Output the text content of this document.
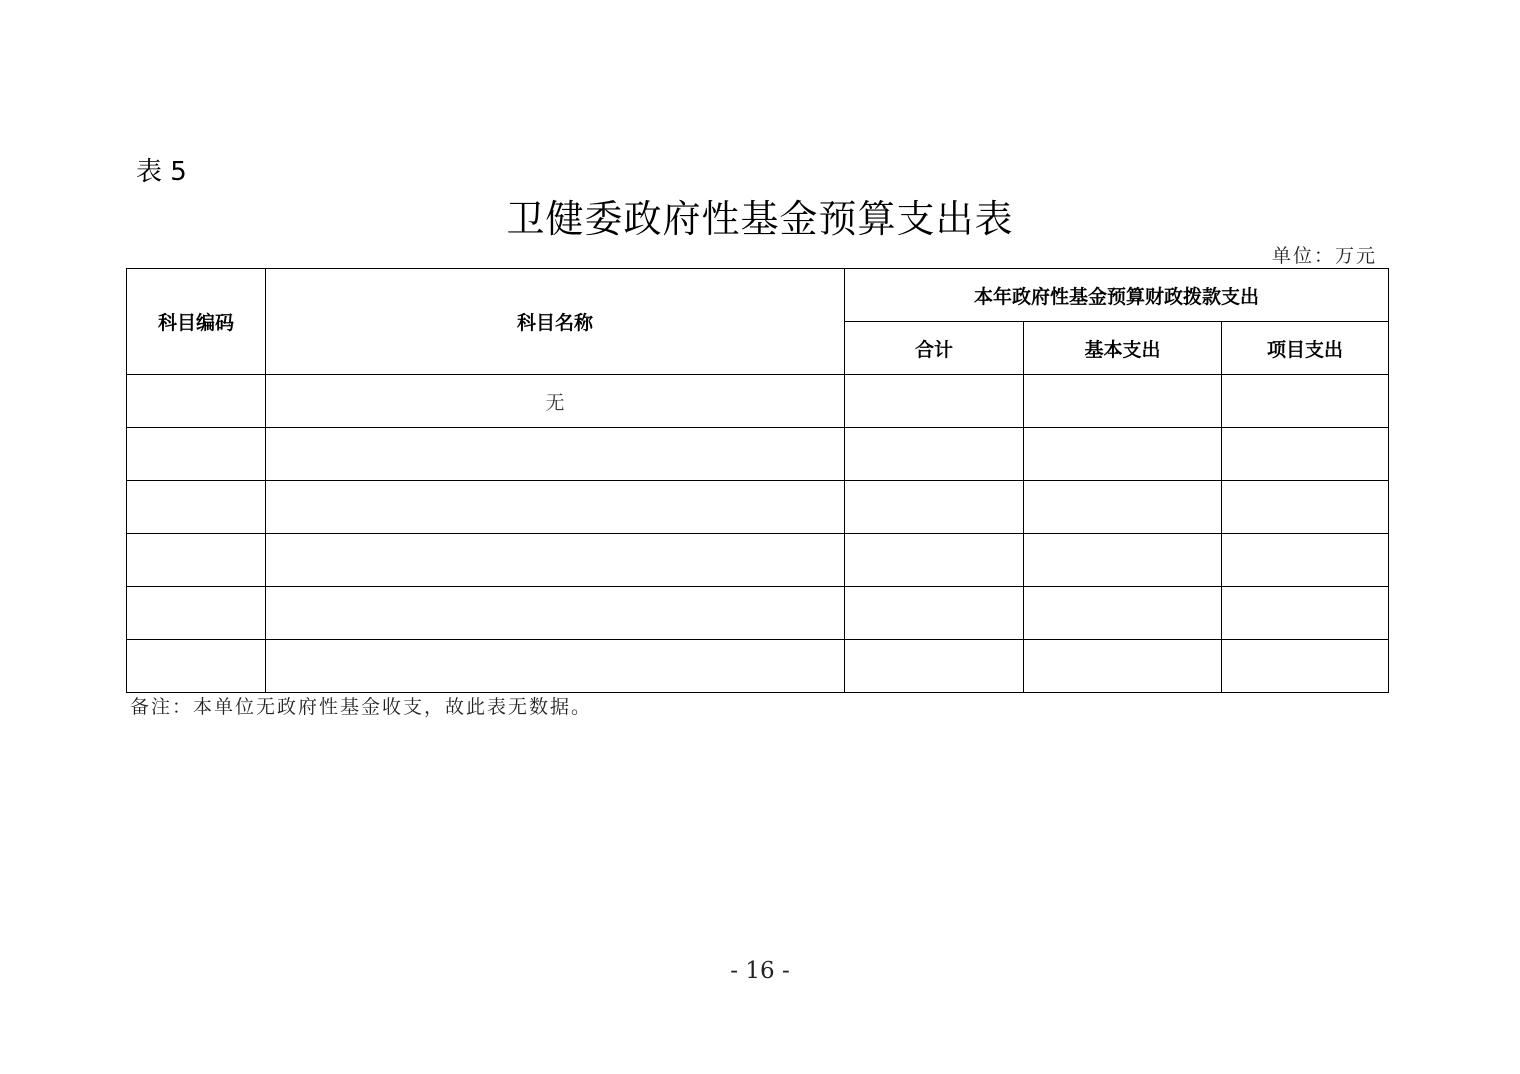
表 5
卫健委政府性基金预算支出表
单位：万元
科目编码	科目名称	本年政府性基金预算财政拨款支出		
		合计	基本支出	项目支出
	无			

备注：本单位无政府性基金收支，故此表无数据。
- 16 -
